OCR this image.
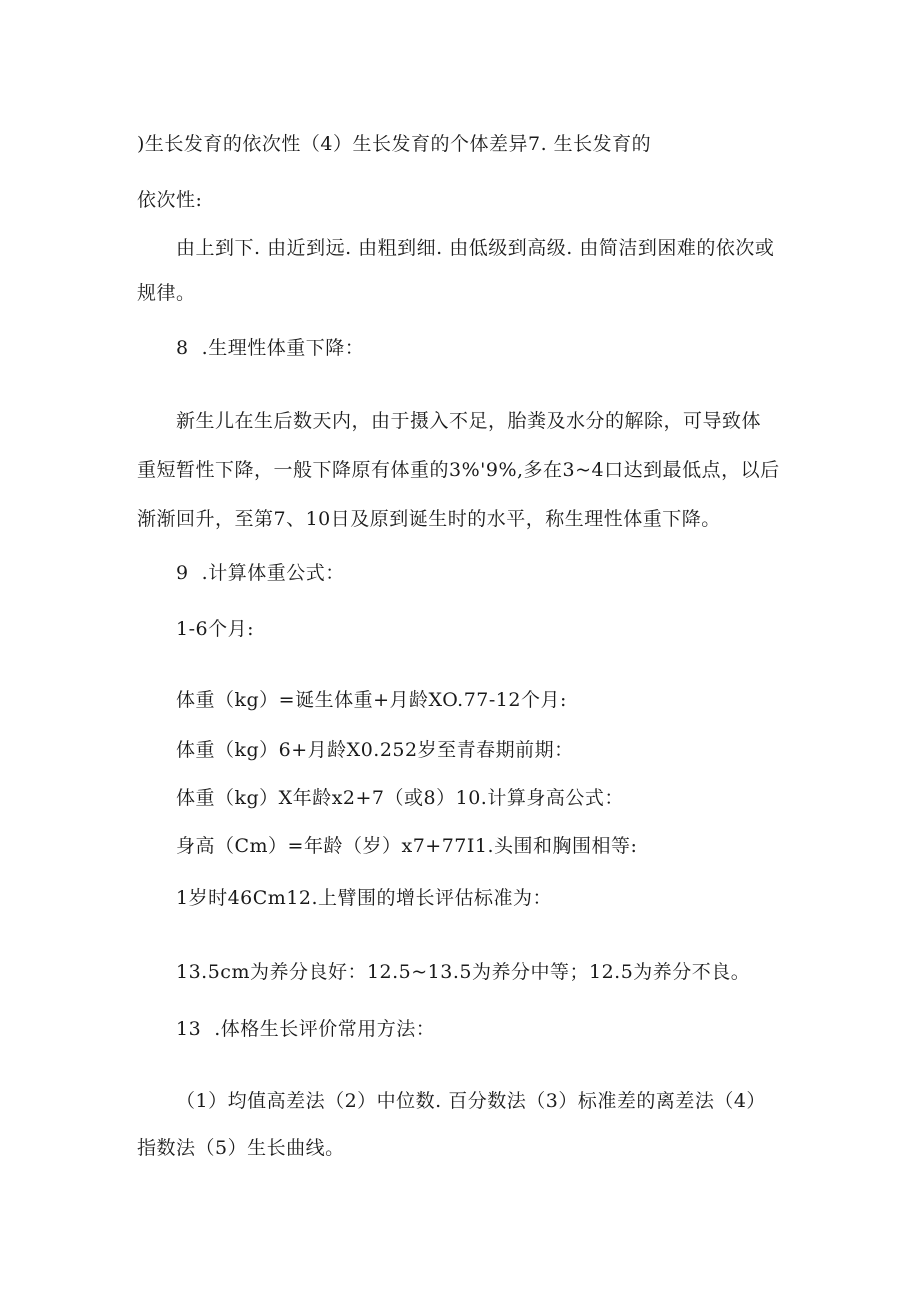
)生长发育的依次性（4）生长发育的个体差异7. 生长发育的
依次性:
由上到下. 由近到远. 由粗到细. 由低级到高级. 由简洁到困难的依次或
规律。
8  .生理性体重下降：
新生儿在生后数天内，由于摄入不足，胎粪及水分的解除，可导致体
重短暂性下降，一般下降原有体重的3%'9%,多在3~4口达到最低点，以后
渐渐回升，至第7、10日及原到诞生时的水平，称生理性体重下降。
9  .计算体重公式：
1-6个月:
体重（kg）=诞生体重+月龄XO.77-12个月:
体重（kg）6+月龄X0.252岁至青春期前期：
体重（kg）X年龄x2+7（或8）10.计算身高公式：
身高（Cm）=年龄（岁）x7+77I1.头围和胸围相等:
1岁时46Cm12.上臂围的增长评估标准为：
13.5cm为养分良好：12.5~13.5为养分中等；12.5为养分不良。
13  .体格生长评价常用方法：
（1）均值高差法（2）中位数. 百分数法（3）标准差的离差法（4）
指数法（5）生长曲线。
